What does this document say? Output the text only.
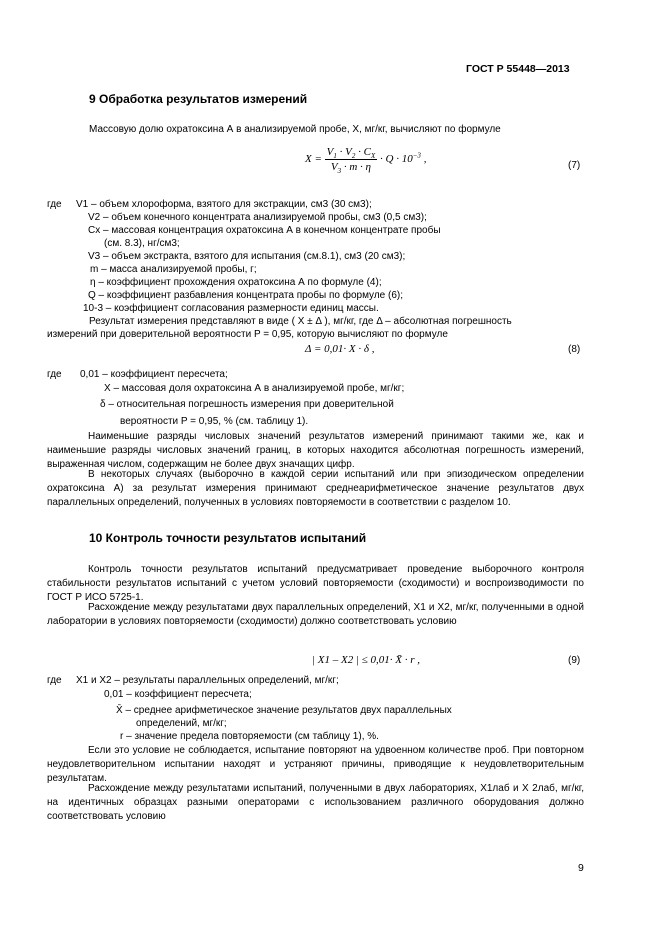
ГОСТ Р 55448—2013
9 Обработка результатов измерений
Массовую долю охратоксина А в анализируемой пробе, X, мг/кг, вычисляют по формуле
$X = \frac{V_1 \cdot V_2 \cdot C_X}{V_3 \cdot m \cdot \eta} \cdot Q \cdot 10^{-3}$ ,
(7)
где V1 – объем хлороформа, взятого для экстракции, см3 (30 см3);
V2 – объем конечного концентрата анализируемой пробы, см3 (0,5 см3);
Cx – массовая концентрация охратоксина А в конечном концентрате пробы
(см. 8.3), нг/см3;
V3 – объем экстракта, взятого для испытания (см.8.1), см3 (20 см3);
m – масса анализируемой пробы, г;
η – коэффициент прохождения охратоксина А по формуле (4);
Q – коэффициент разбавления концентрата пробы по формуле (6);
10-3 – коэффициент согласования размерности единиц массы.
Результат измерения представляют в виде ( X ± Δ ), мг/кг, где Δ – абсолютная погрешность
измерений при доверительной вероятности P = 0,95, которую вычисляют по формуле
Δ = 0,01· X · δ ,	(8)
где 0,01 – коэффициент пересчета;
X – массовая доля охратоксина А в анализируемой пробе, мг/кг;
δ – относительная погрешность измерения при доверительной
вероятности P = 0,95, % (см. таблицу 1).
Наименьшие разряды числовых значений результатов измерений принимают такими же, как и наименьшие разряды числовых значений границ, в которых находится абсолютная погрешность измерений, выраженная числом, содержащим не более двух значащих цифр.
В некоторых случаях (выборочно в каждой серии испытаний или при эпизодическом определении охратоксина А) за результат измерения принимают среднеарифметическое значение результатов двух параллельных определений, полученных в условиях повторяемости в соответствии с разделом 10.
10 Контроль точности результатов испытаний
Контроль точности результатов испытаний предусматривает проведение выборочного контроля стабильности результатов испытаний с учетом условий повторяемости (сходимости) и воспроизводимости по ГОСТ Р ИСО 5725-1.
Расхождение между результатами двух параллельных определений, X1 и X2, мг/кг, полученными в одной лаборатории в условиях повторяемости (сходимости) должно соответствовать условию
| X1 – X2 | ≤ 0,01· X̄ · r ,	(9)
где X1 и X2 – результаты параллельных определений, мг/кг;
0,01 – коэффициент пересчета;
X̄ – среднее арифметическое значение результатов двух параллельных
определений, мг/кг;
r – значение предела повторяемости (см таблицу 1), %.
Если это условие не соблюдается, испытание повторяют на удвоенном количестве проб. При повторном неудовлетворительном испытании находят и устраняют причины, приводящие к неудовлетворительным результатам.
Расхождение между результатами испытаний, полученными в двух лабораториях, X1лаб и X 2лаб, мг/кг, на идентичных образцах разными операторами с использованием различного оборудования должно соответствовать условию
9
